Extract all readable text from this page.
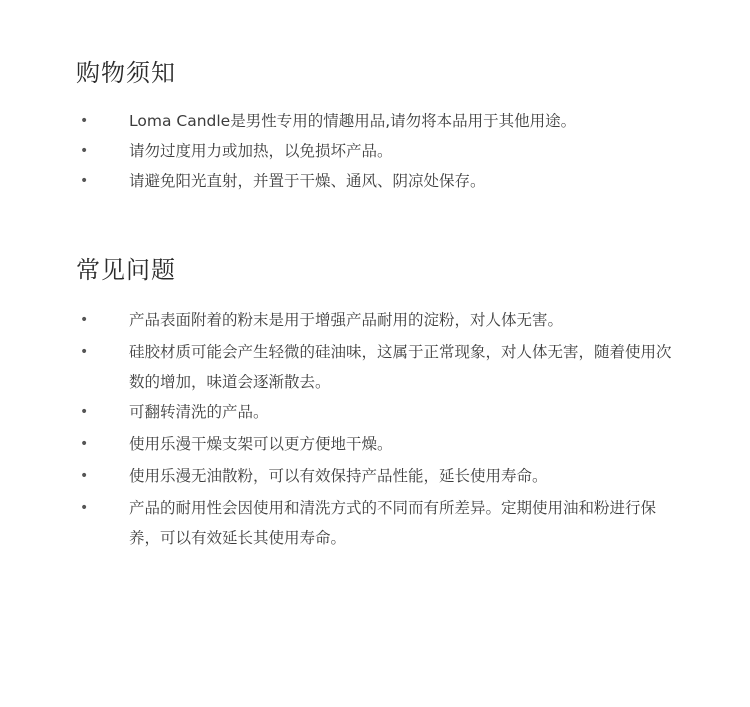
购物须知
•	Loma Candle是男性专用的情趣用品,请勿将本品用于其他用途。
•	请勿过度用力或加热，以免损坏产品。
•	请避免阳光直射，并置于干燥、通风、阴凉处保存。
常见问题
•	产品表面附着的粉末是用于增强产品耐用的淀粉，对人体无害。
•	硅胶材质可能会产生轻微的硅油味，这属于正常现象，对人体无害，随着使用次数的增加，味道会逐渐散去。
•	可翻转清洗的产品。
•	使用乐漫干燥支架可以更方便地干燥。
•	使用乐漫无油散粉，可以有效保持产品性能，延长使用寿命。
•	产品的耐用性会因使用和清洗方式的不同而有所差异。定期使用油和粉进行保养，可以有效延长其使用寿命。
